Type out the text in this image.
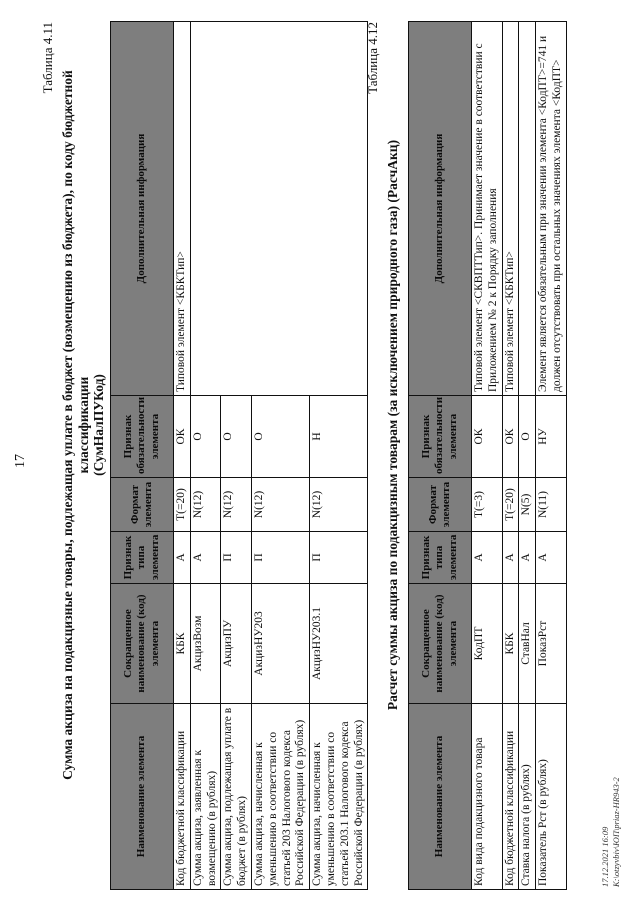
17
Таблица 4.11
Сумма акциза на подакцизные товары, подлежащая уплате в бюджет (возмещению из бюджета), по коду бюджетной классификации (СумНалПУКод)
Наименование элемента	Сокращенное наименование (код) элемента	Признак типа элемента	Формат элемента	Признак обязательности элемента	Дополнительная информация
Код бюджетной классификации	КБК	А	T(=20)	ОК	Типовой элемент <КБКТип>
Сумма акциза, заявленная к возмещению (в рублях)	АкцизВозм	А	N(12)	О	
Сумма акциза, подлежащая уплате в бюджет (в рублях)	АкцизПУ	П	N(12)	О	
Сумма акциза, начисленная к уменьшению в соответствии со статьей 203 Налогового кодекса Российской Федерации (в рублях)	АкцизНУ203	П	N(12)	О	
Сумма акциза, начисленная к уменьшению в соответствии со статьей 203.1 Налогового кодекса Российской Федерации (в рублях)	АкцизНУ203.1	П	N(12)	Н	
Таблица 4.12
Расчет суммы акциза по подакцизным товарам (за исключением природного газа) (РасчАкц)
Наименование элемента	Сокращенное наименование (код) элемента	Признак типа элемента	Формат элемента	Признак обязательности элемента	Дополнительная информация
Код вида подакцизного товара	КодПТ	А	T(=3)	ОК	Типовой элемент <СКВПТТип>. Принимает значение в соответствии с Приложением № 2 к Порядку заполнения
Код бюджетной классификации	КБК	А	T(=20)	ОК	Типовой элемент <КБКТип>
Ставка налога (в рублях)	СтавНал	А	N(5)	О	
Показатель Рст (в рублях)	ПоказРст	А	N(11)	НУ	Элемент является обязательным при значении элемента <КодПТ>=741 и должен отсутствовать при остальных значениях элемента <КодПТ>
17.12.2021 16:09 К:\otzyvbiv\ЮП\priaz-HR943-2
